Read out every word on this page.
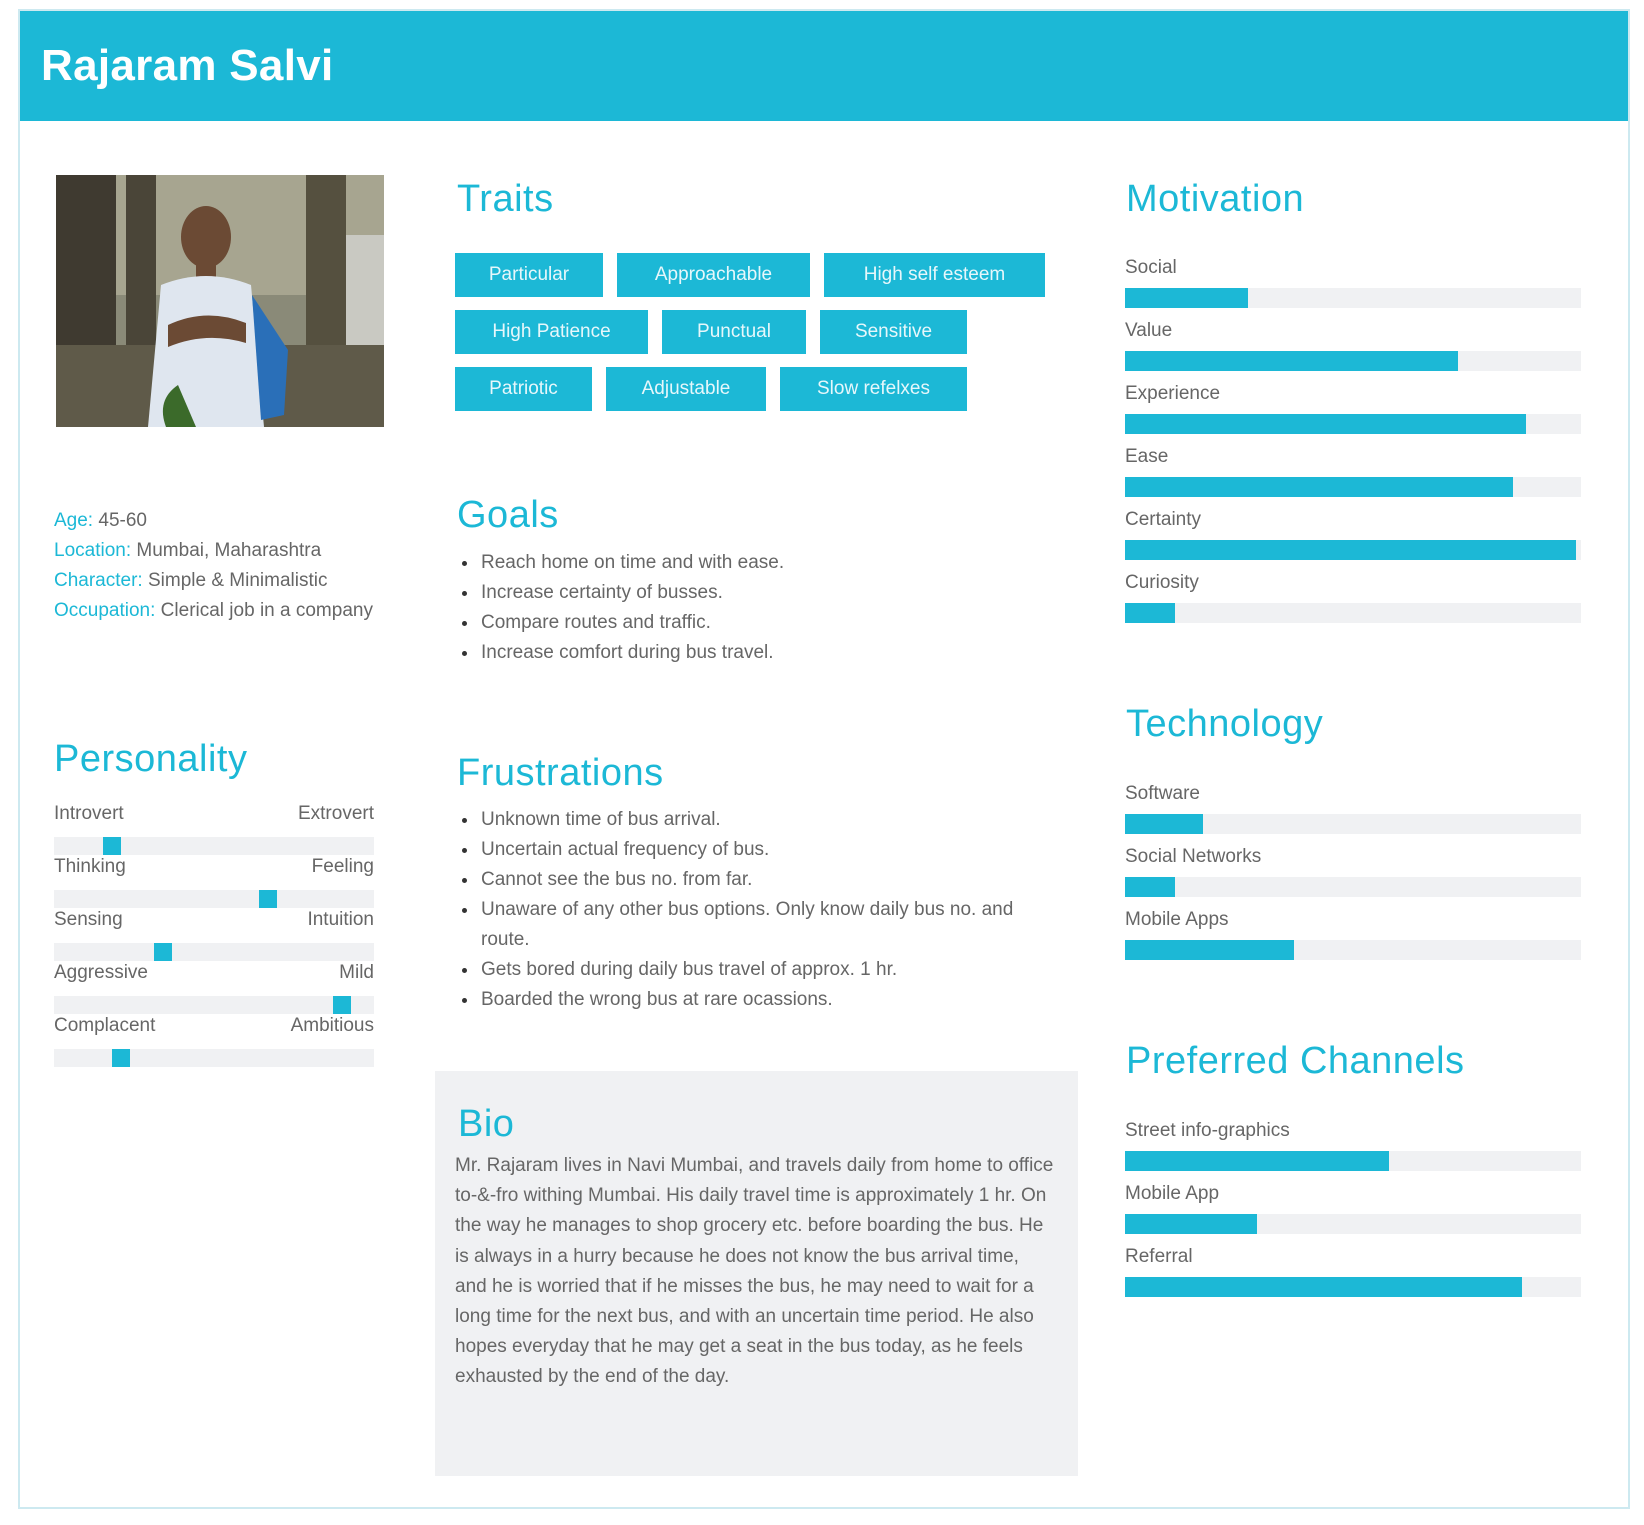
Rajaram Salvi
Age: 45-60
Location: Mumbai, Maharashtra
Character: Simple & Minimalistic
Occupation: Clerical job in a company
Personality
Introvert	Extrovert
Thinking	Feeling
Sensing	Intuition
Aggressive	Mild
Complacent	Ambitious
Traits
Particular	Approachable	High self esteem
High Patience	Punctual	Sensitive
Patriotic	Adjustable	Slow refelxes
Goals
• Reach home on time and with ease.
• Increase certainty of busses.
• Compare routes and traffic.
• Increase comfort during bus travel.
Frustrations
• Unknown time of bus arrival.
• Uncertain actual frequency of bus.
• Cannot see the bus no. from far.
• Unaware of any other bus options. Only know daily bus no. and route.
• Gets bored during daily bus travel of approx. 1 hr.
• Boarded the wrong bus at rare ocassions.
Bio

Mr. Rajaram lives in Navi Mumbai, and travels daily from home to office to-&-fro withing Mumbai. His daily travel time is approximately 1 hr. On the way he manages to shop grocery etc. before boarding the bus. He is always in a hurry because he does not know the bus arrival time, and he is worried that if he misses the bus, he may need to wait for a long time for the next bus, and with an uncertain time period. He also hopes everyday that he may get a seat in the bus today, as he feels exhausted by the end of the day.

Motivation
Social
Value
Experience
Ease
Certainty
Curiosity
Technology
Software
Social Networks
Mobile Apps
Preferred Channels
Street info-graphics
Mobile App
Referral
